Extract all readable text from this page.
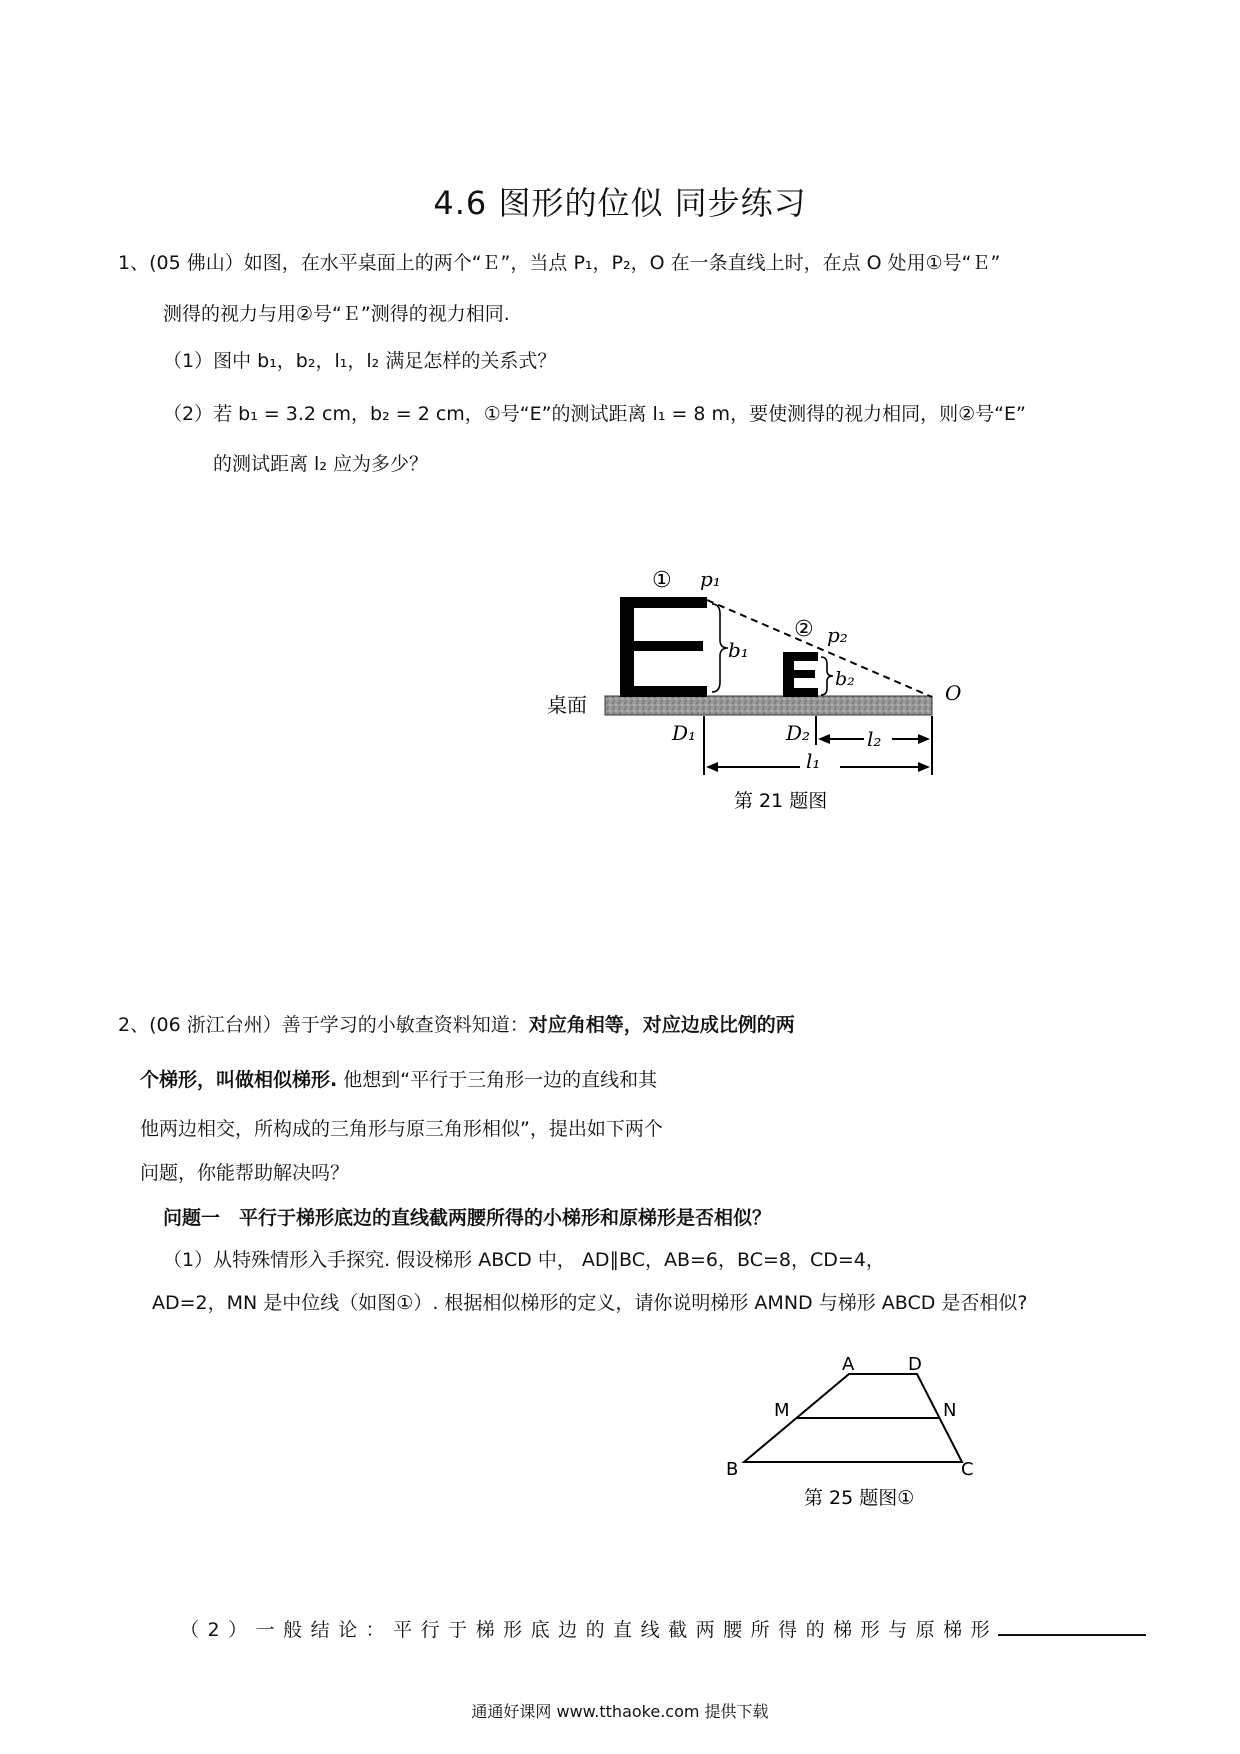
4.6 图形的位似 同步练习
1、(05 佛山）如图，在水平桌面上的两个“Ｅ”，当点 P₁，P₂，O 在一条直线上时，在点 O 处用①号“Ｅ”
测得的视力与用②号“Ｅ”测得的视力相同.
（1）图中 b₁，b₂，l₁，l₂ 满足怎样的关系式？
（2）若 b₁ = 3.2 cm，b₂ = 2 cm，①号“E”的测试距离 l₁ = 8 m，要使测得的视力相同，则②号“E”
的测试距离 l₂ 应为多少？
① p₁
② p₂
b₁
b₂
O
桌面
D₁	D₂	l₂
l₁
第 21 题图
2、(06 浙江台州）善于学习的小敏查资料知道：对应角相等，对应边成比例的两
个梯形，叫做相似梯形. 他想到“平行于三角形一边的直线和其
他两边相交，所构成的三角形与原三角形相似”，提出如下两个
问题，你能帮助解决吗？
问题一　平行于梯形底边的直线截两腰所得的小梯形和原梯形是否相似？
（1）从特殊情形入手探究. 假设梯形 ABCD 中， AD∥BC，AB=6，BC=8，CD=4，
AD=2，MN 是中位线（如图①）. 根据相似梯形的定义，请你说明梯形 AMND 与梯形 ABCD 是否相似?
A	D
M	N
B	C
第 25 题图①
（2）一般结论：平行于梯形底边的直线截两腰所得的梯形与原梯形
通通好课网 www.tthaoke.com 提供下载
